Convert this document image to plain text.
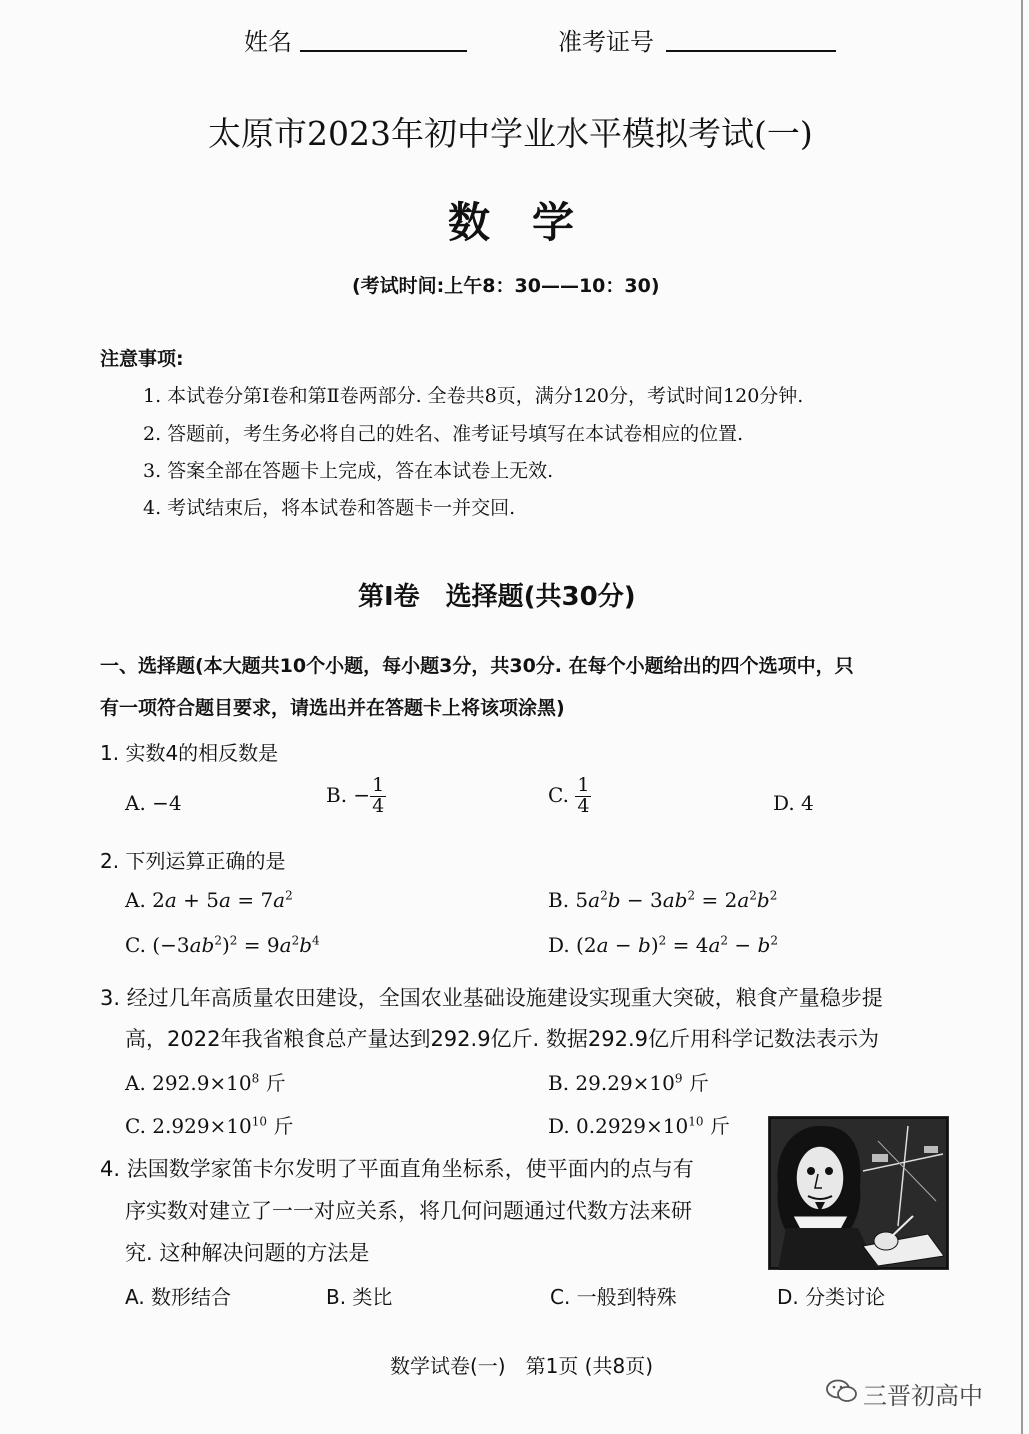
姓名	准考证号
太原市2023年初中学业水平模拟考试(一)
数　学
(考试时间:上午8：30——10：30)
注意事项:
1. 本试卷分第Ⅰ卷和第Ⅱ卷两部分. 全卷共8页，满分120分，考试时间120分钟.
2. 答题前，考生务必将自己的姓名、准考证号填写在本试卷相应的位置.
3. 答案全部在答题卡上完成，答在本试卷上无效.
4. 考试结束后，将本试卷和答题卡一并交回.
第Ⅰ卷　选择题(共30分)
一、选择题(本大题共10个小题，每小题3分，共30分. 在每个小题给出的四个选项中，只
有一项符合题目要求，请选出并在答题卡上将该项涂黑)
1. 实数4的相反数是
A. −4	B. − $\frac{1}{4}$	C. $\frac{1}{4}$	D. 4
2. 下列运算正确的是
A. $2a + 5a = 7a^2$	B. $5a^2b - 3ab^2 = 2a^2b^2$
C. $(-3ab^2)^2 = 9a^2b^4$	D. $(2a - b)^2 = 4a^2 - b^2$
3. 经过几年高质量农田建设，全国农业基础设施建设实现重大突破，粮食产量稳步提
高，2022年我省粮食总产量达到292.9亿斤. 数据292.9亿斤用科学记数法表示为
A. $292.9\times 10^8$ 斤	B. $29.29\times 10^9$ 斤
C. $2.929\times 10^{10}$ 斤	D. $0.2929\times 10^{10}$ 斤
4. 法国数学家笛卡尔发明了平面直角坐标系，使平面内的点与有
序实数对建立了一一对应关系，将几何问题通过代数方法来研
究. 这种解决问题的方法是
A. 数形结合	B. 类比	C. 一般到特殊	D. 分类讨论
数学试卷(一)　第1页 (共8页)
三晋初高中
